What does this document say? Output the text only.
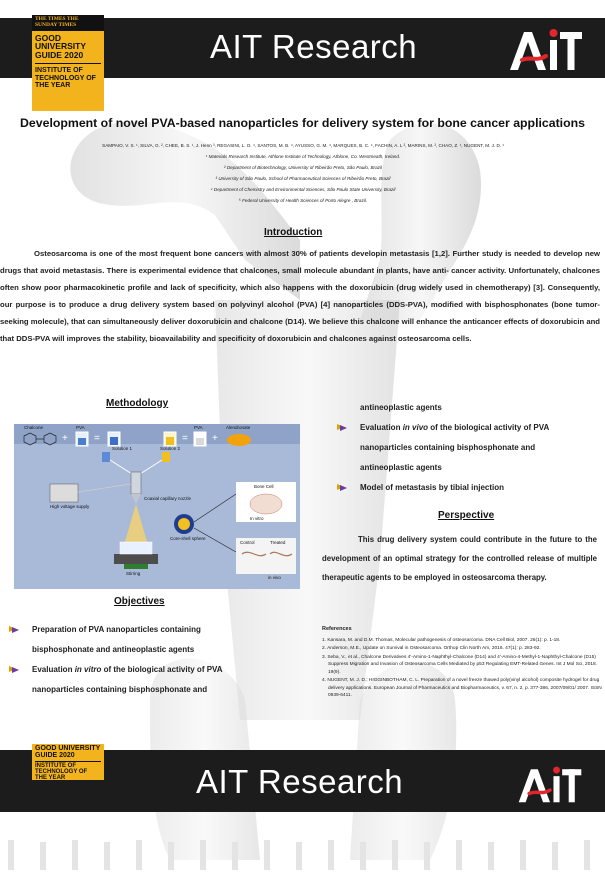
AIT Research
THE TIMES THE SUNDAY TIMES
GOOD UNIVERSITY GUIDE 2020
INSTITUTE OF TECHNOLOGY OF THE YEAR
AIT Research
GOOD UNIVERSITY GUIDE 2020
INSTITUTE OF TECHNOLOGY OF THE YEAR
Development of novel PVA-based nanoparticles for delivery system for bone cancer applications
SAMPAIO, V. S. ¹, SILVA, G. ², CHEE, B. S. ¹, J. Henn ³, REGASINI, L. O. ⁴, SANTOS, M. B. ⁴, AYUSSO, G. M. ⁴, MARQUES, B. C. ⁴, FACHIN, A. L ², MARINS, M. ², CHAO, Z. ¹, NUGENT, M. J. D. ¹
¹ Materials Research Institute, Athlone Institute of Technology, Athlone, Co. Westmeath, Ireland.
² Department of Biotechnology, University of Ribeirão Preto, São Paulo, Brazil
³ University of São Paulo, School of Pharmaceutical Sciences of Ribeirão Preto, Brazil
⁴ Department of Chemistry and Environmental Sciences, São Paulo State University, Brazil
⁵ Federal University of Health Sciences of Porto Alegre , Brazil.
Introduction
Osteosarcoma is one of the most frequent bone cancers with almost 30% of patients developin metastasis [1,2]. Further study is needed to develop new drugs that avoid metastasis. There is experimental evidence that chalcones, small molecule abundant in plants, have anti- cancer activity. Unfortunately, chalcones often show poor pharmacokinetic profile and lack of specificity, which also happens with the doxorubicin (drug widely used in chemotherapy) [3]. Consequently, our purpose is to produce a drug delivery system based on polyvinyl alcohol (PVA) [4] nanoparticles (DDS-PVA), modified with bisphosphonates (bone tumor-seeking molecule), that can simultaneously deliver doxorubicin and chalcone (D14). We believe this chalcone will enhance the anticancer effects of doxorubicin and that DDS-PVA will improves the stability, bioavailability and specificity of doxorubicin and chalcones against osteosarcoma cells.
Methodology
+	=	= +
Chalcone	PVA
Solution 1
PVA	Alendronate
Solution 2
High voltage supply
Coaxial capillary nozzle
Stirring
Core-shell sphere
Bone Cell
In vitro
Control	Treated
in vivo
Objectives
Preparation of PVA nanoparticles containing
bisphosphonate and antineoplastic agents
Evaluation in vitro of the biological activity of PVA
nanoparticles containing bisphosphonate and
antineoplastic agents
Evaluation in vivo of the biological activity of PVA
nanoparticles containing bisphosphonate and
antineoplastic agents
Model of metastasis by tibial injection
Perspective
This drug delivery system could contribute in the future to the development of an optimal strategy for the controlled release of multiple therapeutic agents to be employed in osteosarcoma therapy.
References
1. Kansara, M. and D.M. Thomas, Molecular pathogenesis of osteosarcoma. DNA Cell Biol, 2007. 26(1): p. 1-18.
2. Anderson, M.E., Update on Survival in Osteosarcoma. Orthop Clin North Am, 2016. 47(1): p. 283-92.
3. Seba, V., et al., Chalcone Derivatives 4'-Amino-1-Naphthyl-Chalcone (D14) and 4'-Amino-4-Methyl-1-Naphthyl-Chalcone (D15) Suppress Migration and Invasion of Osteosarcoma Cells Mediated by p53 Regulating EMT-Related Genes. Int J Mol Sci, 2018. 19(9).
4. NUGENT, M. J. D.; HIGGINBOTHAM, C. L. Preparation of a novel freeze thawed poly(vinyl alcohol) composite hydrogel for drug delivery applications. European Journal of Pharmaceutics and Biopharmaceutics, v. 67, n. 2, p. 377-386, 2007/09/01/ 2007. ISSN 0939-6411.
